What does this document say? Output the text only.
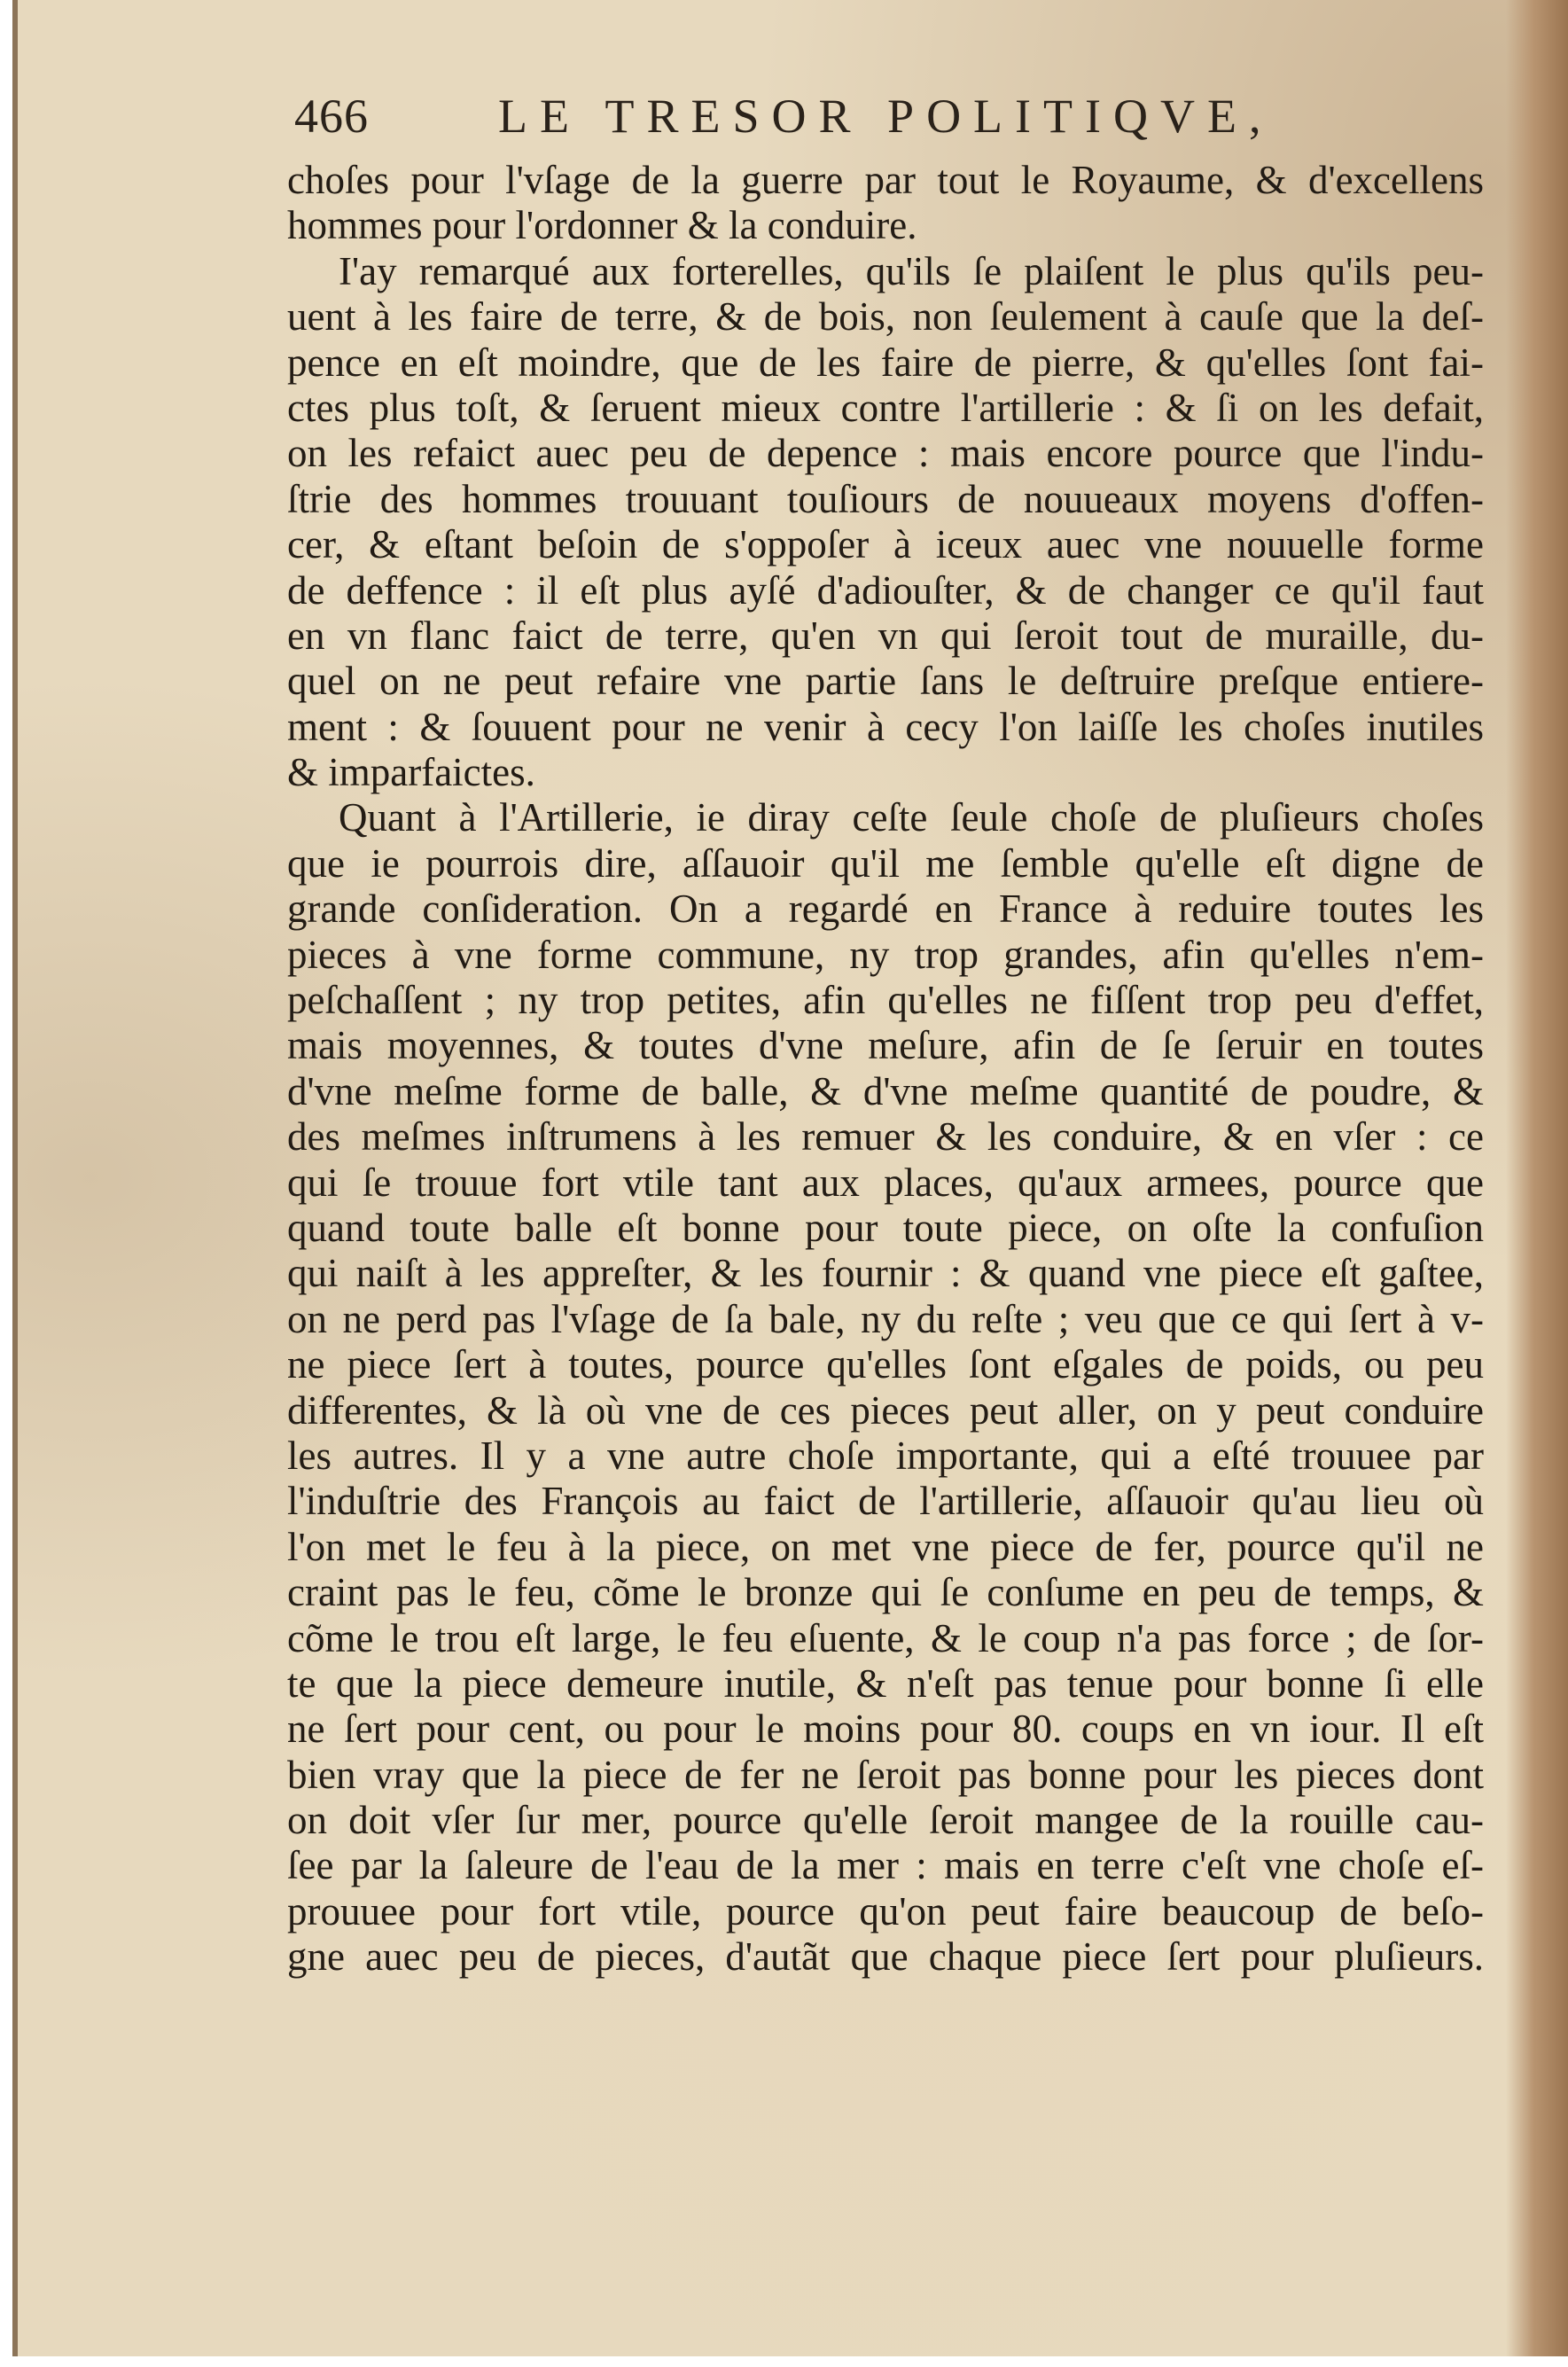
466	LE TRESOR POLITIQVE,
choſes pour l'vſage de la guerre par tout le Royaume, & d'excellens
hommes pour l'ordonner & la conduire.
I'ay remarqué aux forterelles, qu'ils ſe plaiſent le plus qu'ils peu-
uent à les faire de terre, & de bois, non ſeulement à cauſe que la deſ-
pence en eſt moindre, que de les faire de pierre, & qu'elles ſont fai-
ctes plus toſt, & ſeruent mieux contre l'artillerie : & ſi on les defait,
on les refaict auec peu de depence : mais encore pource que l'indu-
ſtrie des hommes trouuant touſiours de nouueaux moyens d'offen-
cer, & eſtant beſoin de s'oppoſer à iceux auec vne nouuelle forme
de deffence : il eſt plus ayſé d'adiouſter, & de changer ce qu'il faut
en vn flanc faict de terre, qu'en vn qui ſeroit tout de muraille, du-
quel on ne peut refaire vne partie ſans le deſtruire preſque entiere-
ment : & ſouuent pour ne venir à cecy l'on laiſſe les choſes inutiles
& imparfaictes.
Quant à l'Artillerie, ie diray ceſte ſeule choſe de pluſieurs choſes
que ie pourrois dire, aſſauoir qu'il me ſemble qu'elle eſt digne de
grande conſideration. On a regardé en France à reduire toutes les
pieces à vne forme commune, ny trop grandes, afin qu'elles n'em-
peſchaſſent ; ny trop petites, afin qu'elles ne fiſſent trop peu d'effet,
mais moyennes, & toutes d'vne meſure, afin de ſe ſeruir en toutes
d'vne meſme forme de balle, & d'vne meſme quantité de poudre, &
des meſmes inſtrumens à les remuer & les conduire, & en vſer : ce
qui ſe trouue fort vtile tant aux places, qu'aux armees, pource que
quand toute balle eſt bonne pour toute piece, on oſte la confuſion
qui naiſt à les appreſter, & les fournir : & quand vne piece eſt gaſtee,
on ne perd pas l'vſage de ſa bale, ny du reſte ; veu que ce qui ſert à v-
ne piece ſert à toutes, pource qu'elles ſont eſgales de poids, ou peu
differentes, & là où vne de ces pieces peut aller, on y peut conduire
les autres. Il y a vne autre choſe importante, qui a eſté trouuee par
l'induſtrie des François au faict de l'artillerie, aſſauoir qu'au lieu où
l'on met le feu à la piece, on met vne piece de fer, pource qu'il ne
craint pas le feu, cõme le bronze qui ſe conſume en peu de temps, &
cõme le trou eſt large, le feu eſuente, & le coup n'a pas force ; de ſor-
te que la piece demeure inutile, & n'eſt pas tenue pour bonne ſi elle
ne ſert pour cent, ou pour le moins pour 80. coups en vn iour. Il eſt
bien vray que la piece de fer ne ſeroit pas bonne pour les pieces dont
on doit vſer ſur mer, pource qu'elle ſeroit mangee de la rouille cau-
ſee par la ſaleure de l'eau de la mer : mais en terre c'eſt vne choſe eſ-
prouuee pour fort vtile, pource qu'on peut faire beaucoup de beſo-
gne auec peu de pieces, d'autãt que chaque piece ſert pour pluſieurs.
